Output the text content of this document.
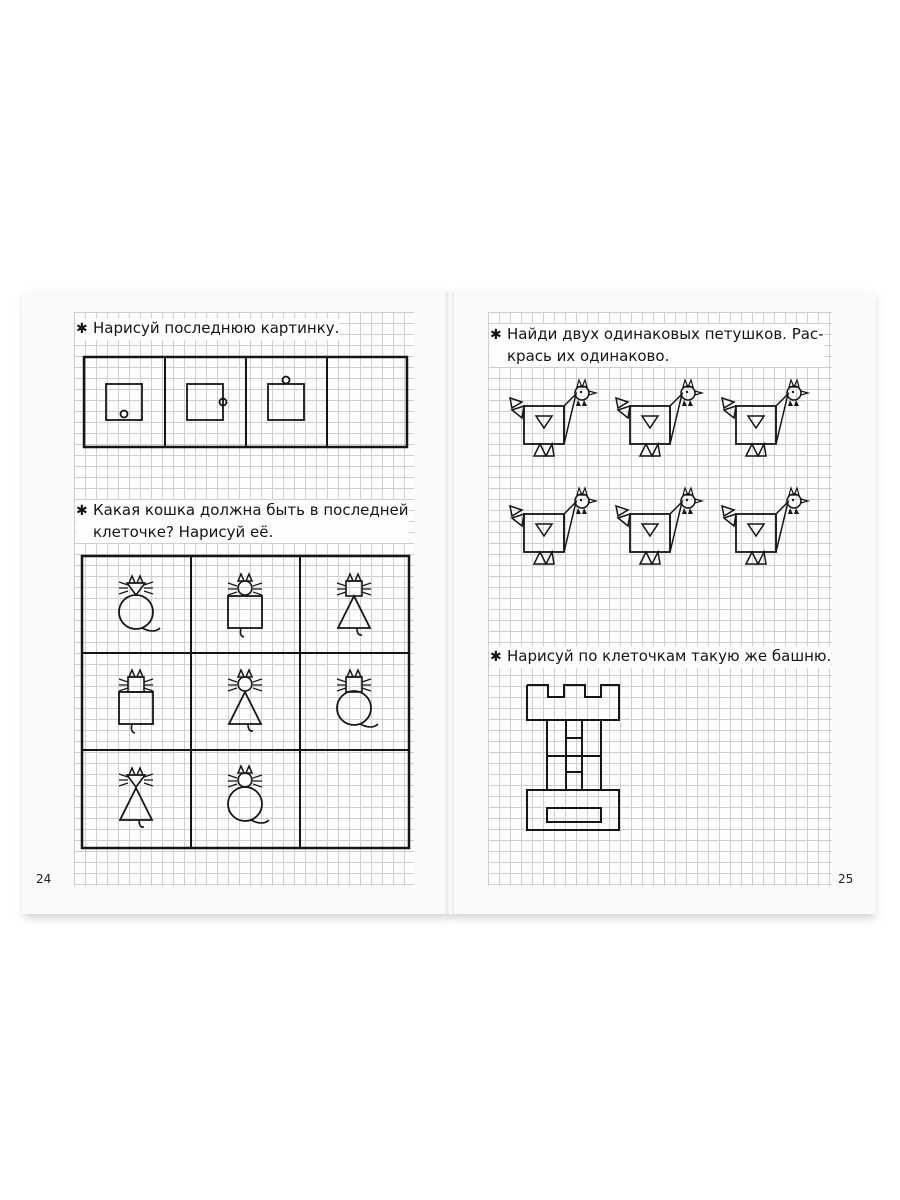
✱ Нарисуй последнюю картинку.
✱ Какая кошка должна быть в последней
клеточке? Нарисуй её.
24
✱ Найди двух одинаковых петушков. Рас-
крась их одинаково.
✱ Нарисуй по клеточкам такую же башню.
25
